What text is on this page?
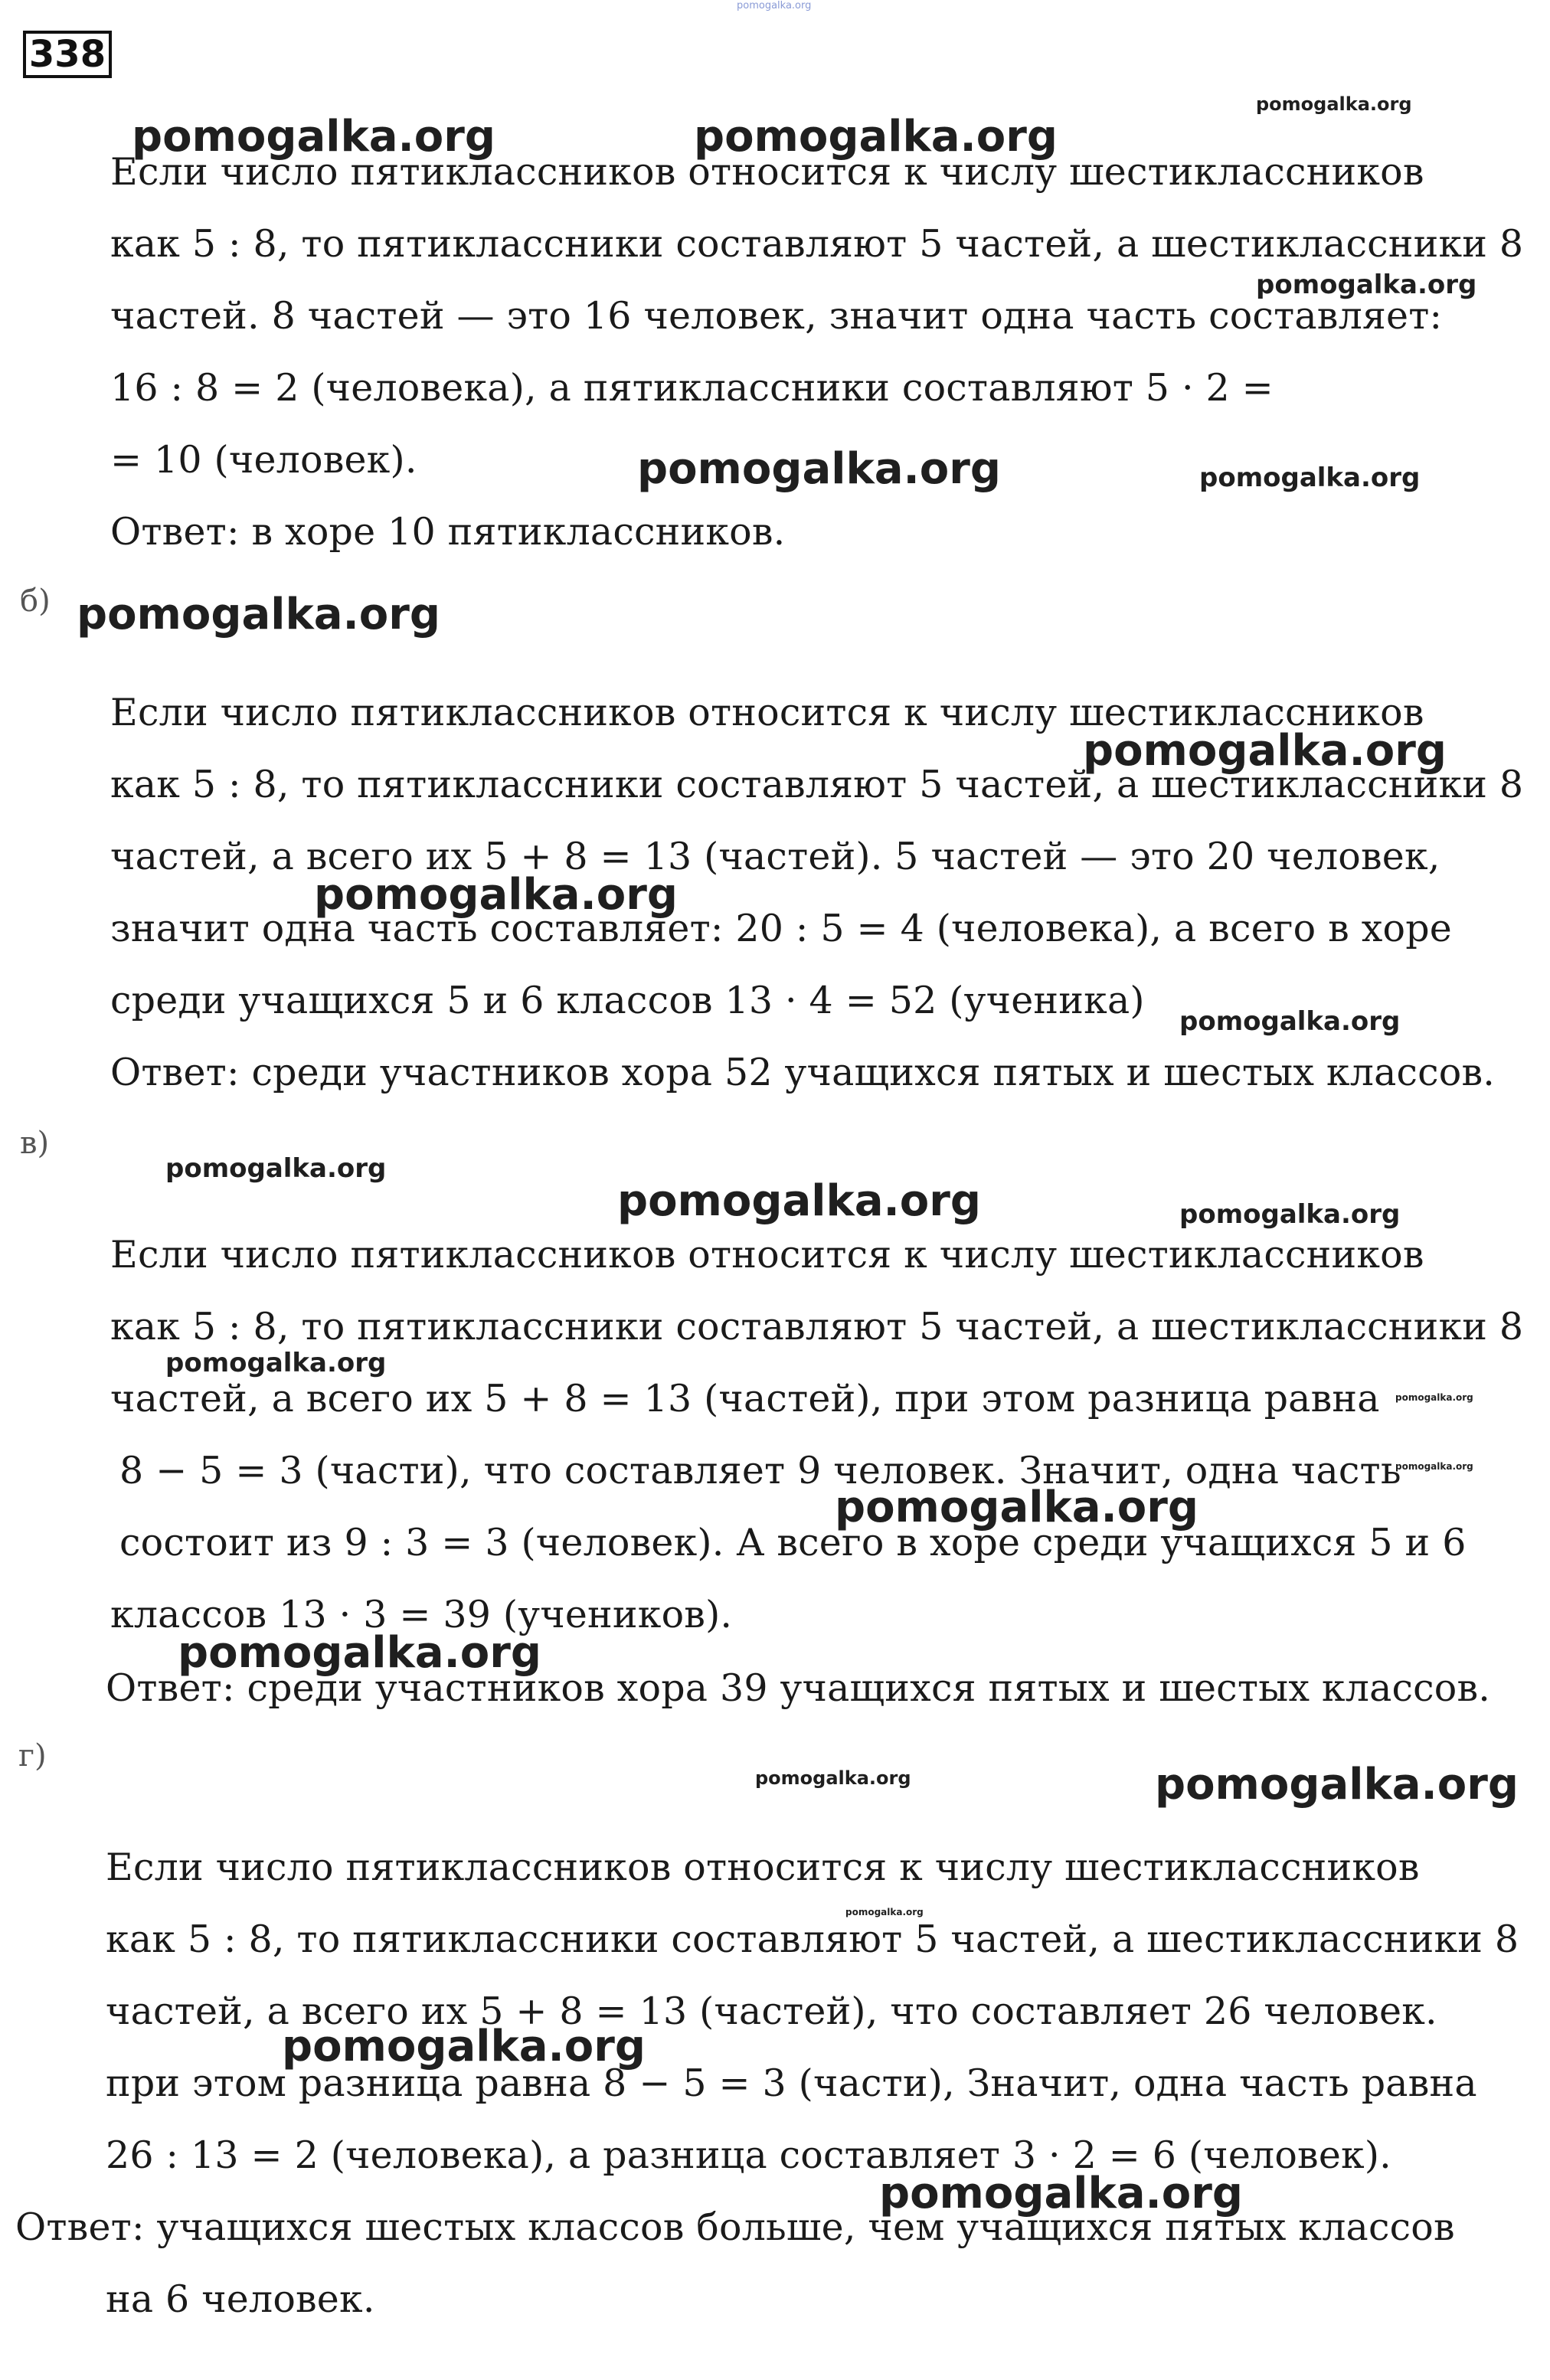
pomogalka.org
338
Если число пятиклассников относится к числу шестиклассников
как 5 : 8, то пятиклассники составляют 5 частей, а шестиклассники 8
частей. 8 частей — это 16 человек, значит одна часть составляет:
16 : 8 = 2 (человека), а пятиклассники составляют 5 · 2 =
= 10 (человек).
Ответ: в хоре 10 пятиклассников.
б)
Если число пятиклассников относится к числу шестиклассников
как 5 : 8, то пятиклассники составляют 5 частей, а шестиклассники 8
частей, а всего их 5 + 8 = 13 (частей). 5 частей — это 20 человек,
значит одна часть составляет: 20 : 5 = 4 (человека), а всего в хоре
среди учащихся 5 и 6 классов 13 · 4 = 52 (ученика)
Ответ: среди участников хора 52 учащихся пятых и шестых классов.
в)
Если число пятиклассников относится к числу шестиклассников
как 5 : 8, то пятиклассники составляют 5 частей, а шестиклассники 8
частей, а всего их 5 + 8 = 13 (частей), при этом разница равна
8 − 5 = 3 (части), что составляет 9 человек. Значит, одна часть
состоит из 9 : 3 = 3 (человек). А всего в хоре среди учащихся 5 и 6
классов 13 · 3 = 39 (учеников).
Ответ: среди участников хора 39 учащихся пятых и шестых классов.
г)
Если число пятиклассников относится к числу шестиклассников
как 5 : 8, то пятиклассники составляют 5 частей, а шестиклассники 8
частей, а всего их 5 + 8 = 13 (частей), что составляет 26 человек.
при этом разница равна 8 − 5 = 3 (части), Значит, одна часть равна
26 : 13 = 2 (человека), а разница составляет 3 · 2 = 6 (человек).
Ответ: учащихся шестых классов больше, чем учащихся пятых классов
на 6 человек.
pomogalka.org
pomogalka.org	pomogalka.org
pomogalka.org
pomogalka.org	pomogalka.org
pomogalka.org
pomogalka.org
pomogalka.org
pomogalka.org
pomogalka.org
pomogalka.org	pomogalka.org
pomogalka.org
pomogalka.org
pomogalka.org
pomogalka.org
pomogalka.org
pomogalka.org	pomogalka.org
pomogalka.org
pomogalka.org
pomogalka.org
